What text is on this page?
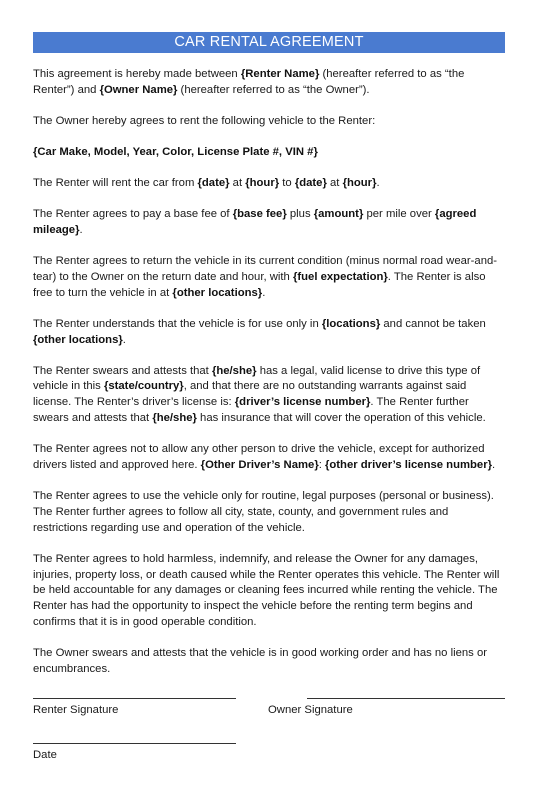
CAR RENTAL AGREEMENT

This agreement is hereby made between {Renter Name} (hereafter referred to as “the Renter”) and {Owner Name} (hereafter referred to as “the Owner”).

The Owner hereby agrees to rent the following vehicle to the Renter:

{Car Make, Model, Year, Color, License Plate #, VIN #}

The Renter will rent the car from {date} at {hour} to {date} at {hour}.

The Renter agrees to pay a base fee of {base fee} plus {amount} per mile over {agreed mileage}.

The Renter agrees to return the vehicle in its current condition (minus normal road wear-and-tear) to the Owner on the return date and hour, with {fuel expectation}. The Renter is also free to turn the vehicle in at {other locations}.

The Renter understands that the vehicle is for use only in {locations} and cannot be taken {other locations}.

The Renter swears and attests that {he/she} has a legal, valid license to drive this type of vehicle in this {state/country}, and that there are no outstanding warrants against said license. The Renter’s driver’s license is: {driver’s license number}. The Renter further swears and attests that {he/she} has insurance that will cover the operation of this vehicle.

The Renter agrees not to allow any other person to drive the vehicle, except for authorized drivers listed and approved here. {Other Driver’s Name}: {other driver’s license number}.

The Renter agrees to use the vehicle only for routine, legal purposes (personal or business). The Renter further agrees to follow all city, state, county, and government rules and restrictions regarding use and operation of the vehicle.

The Renter agrees to hold harmless, indemnify, and release the Owner for any damages, injuries, property loss, or death caused while the Renter operates this vehicle. The Renter will be held accountable for any damages or cleaning fees incurred while renting the vehicle. The Renter has had the opportunity to inspect the vehicle before the renting term begins and confirms that it is in good operable condition.

The Owner swears and attests that the vehicle is in good working order and has no liens or encumbrances.

Renter Signature	Owner Signature
Date
